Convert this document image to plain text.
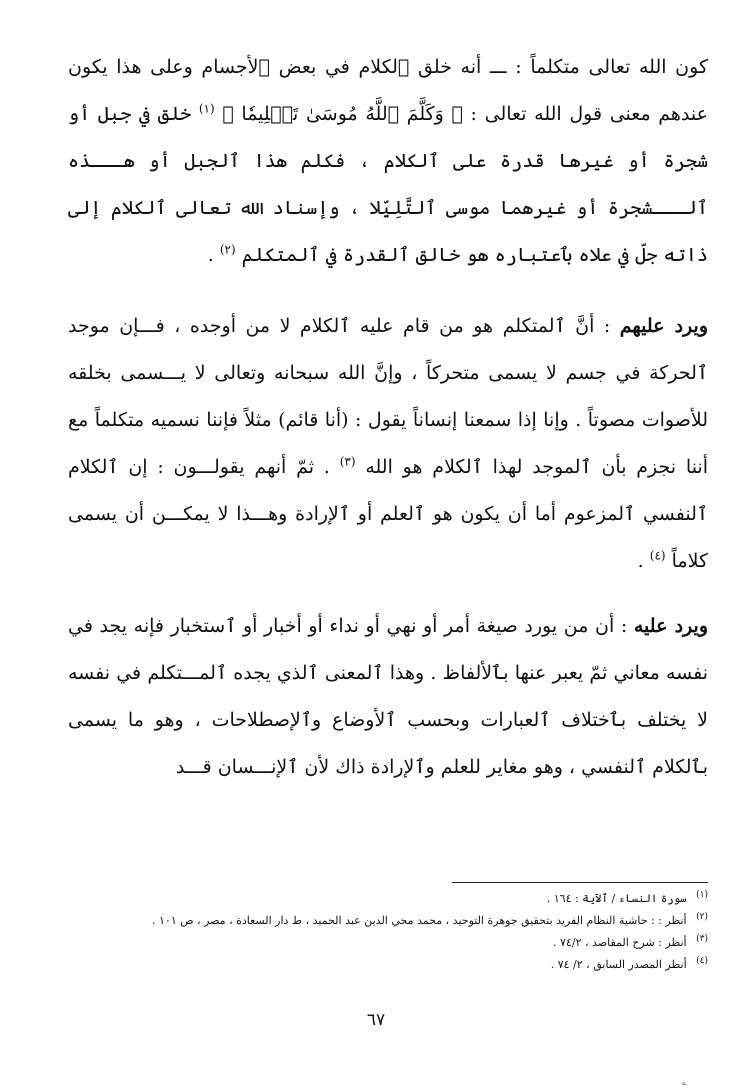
كون الله تعالى متكلماً : ـــ أنه خلق ٱلكلام في بعض ٱلأجسام وعلى هذا يكون عندهم معنى قول الله تعالى : ﴿ وَكَلَّمَ ٱللَّهُ مُوسَىٰ تَكۡلِيمٗا ﴾ $^{(١)}$ خلق في جبل أو شجرة أو غيرها قدرة على ٱلكلام ، فكلم هذا ٱلجبل أو هـــذه ٱلـــشجرة أو غيرهما موسى ٱلتَّلِيِّلا ، وإسناد الله تعالى ٱلكلام إلى ذاته جلّ في علاه بٱعتباره هو خالق ٱلقدرة في ٱلمتكلم $^{(٢)}$ .
ويرد عليهم : أنَّ ٱلمتكلم هو من قام عليه ٱلكلام لا من أوجده ، فـــإن موجد ٱلحركة في جسم لا يسمى متحركاً ، وإنَّ الله سبحانه وتعالى لا يـــسمى بخلقه للأصوات مصوتاً . وإنا إذا سمعنا إنساناً يقول : (أنا قائم) مثلاً فإننا نسميه متكلماً مع أننا نجزم بأن ٱلموجد لهذا ٱلكلام هو الله $^{(٣)}$ . ثمّ أنهم يقولـــون : إن ٱلكلام ٱلنفسي ٱلمزعوم أما أن يكون هو ٱلعلم أو ٱلإرادة وهـــذا لا يمكـــن أن يسمى كلاماً $^{(٤)}$ .
ويرد عليه : أن من يورد صيغة أمر أو نهي أو نداء أو أخبار أو ٱستخبار فإنه يجد في نفسه معاني ثمّ يعبر عنها بٱلألفاظ . وهذا ٱلمعنى ٱلذي يجده ٱلمـــتكلم في نفسه لا يختلف بٱختلاف ٱلعبارات وبحسب ٱلأوضاع وٱلإصطلاحات ، وهو ما يسمى بٱلكلام ٱلنفسي ، وهو مغاير للعلم وٱلإرادة ذاك لأن ٱلإنـــسان قـــد
$^{(١)}$ سورة النساء / ٱلآية : ١٦٤ .
$^{(٢)}$ أنظر : : حاشية النظام الفريد بتحقيق جوهرة التوحيد ، محمد محي الدين عبد الحميد ، ط دار السعادة ، مصر ، ص ١٠١ .
$^{(٣)}$ أنظر : شرح المقاصد ، ٧٤/٢ .
$^{(٤)}$ أنظر المصدر السابق ، ٢/ ٧٤ .
٦٧
ے
